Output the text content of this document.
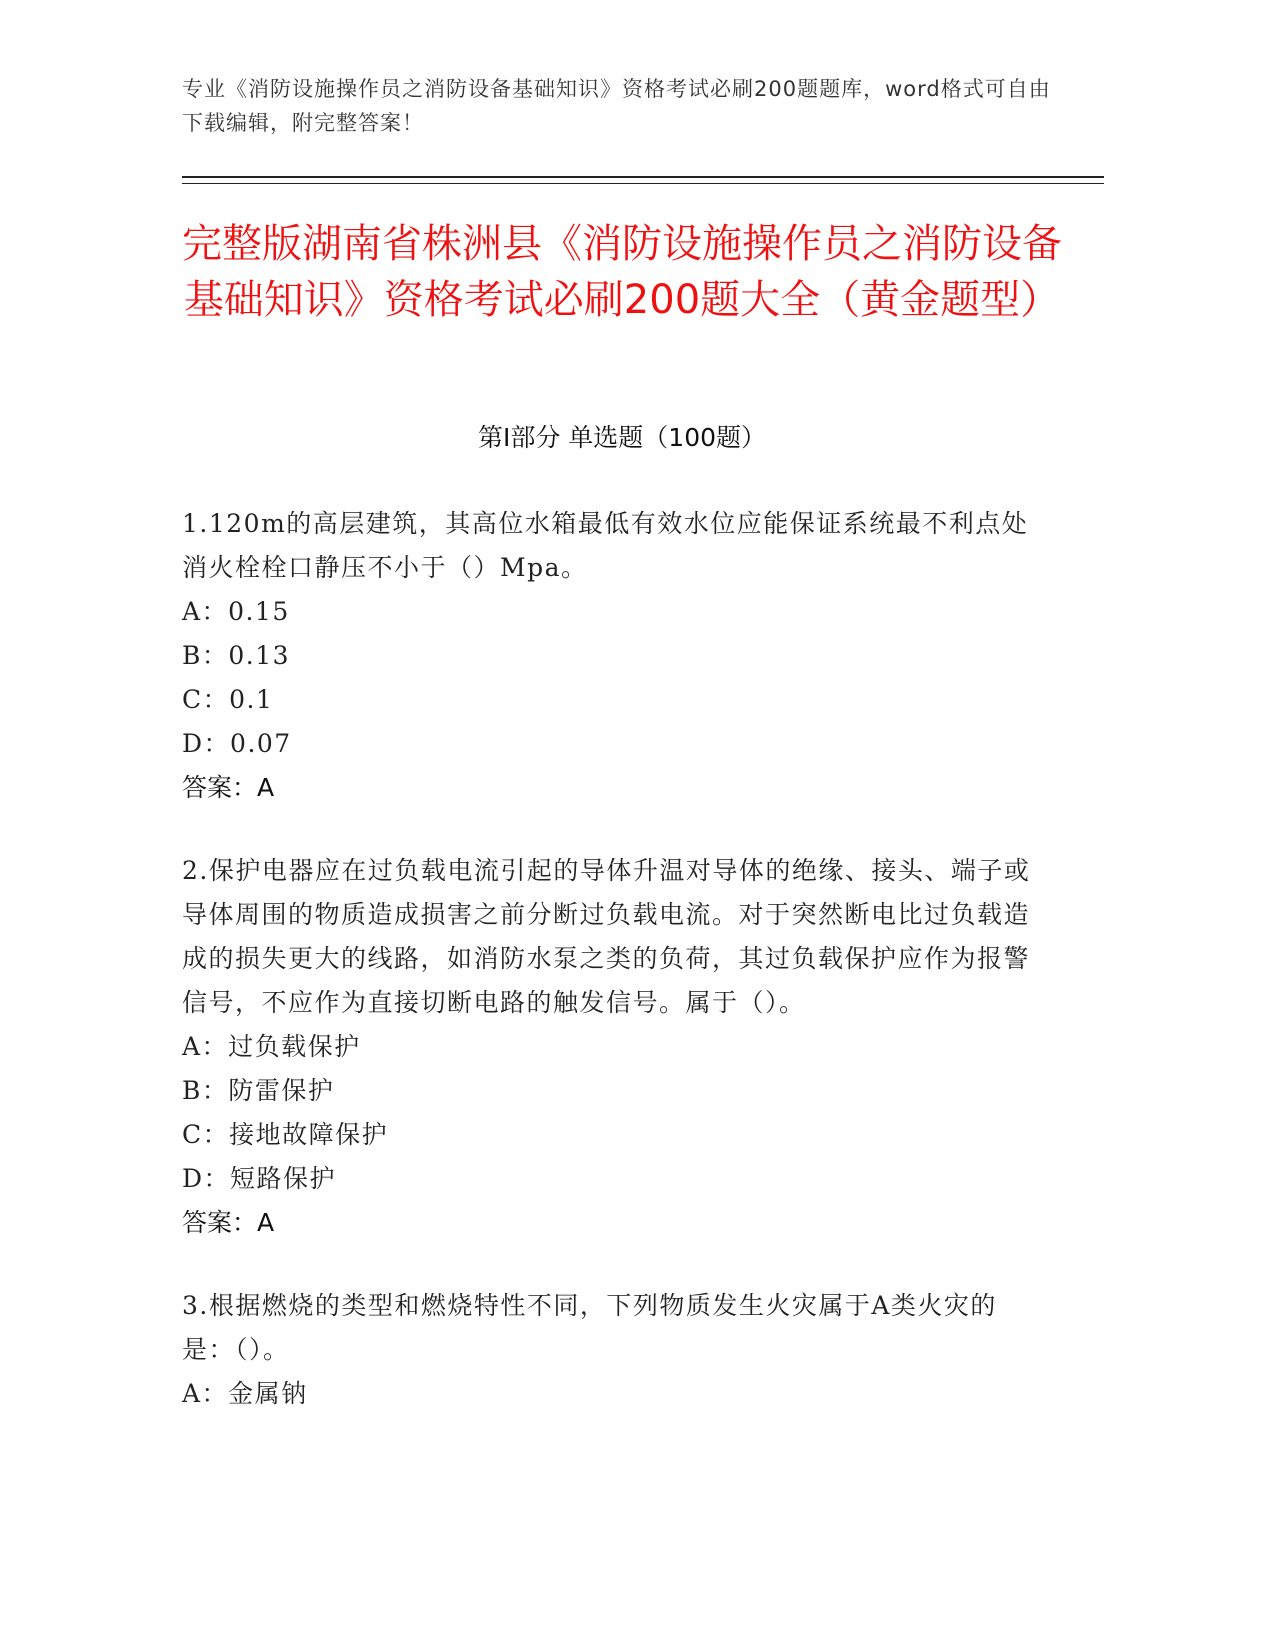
专业《消防设施操作员之消防设备基础知识》资格考试必刷200题题库，word格式可自由下载编辑，附完整答案！
完整版湖南省株洲县《消防设施操作员之消防设备基础知识》资格考试必刷200题大全（黄金题型）
第I部分 单选题（100题）
1.120m的高层建筑，其高位水箱最低有效水位应能保证系统最不利点处消火栓栓口静压不小于（）Mpa。
A：0.15
B：0.13
C：0.1
D：0.07
答案：A
2.保护电器应在过负载电流引起的导体升温对导体的绝缘、接头、端子或导体周围的物质造成损害之前分断过负载电流。对于突然断电比过负载造成的损失更大的线路，如消防水泵之类的负荷，其过负载保护应作为报警信号，不应作为直接切断电路的触发信号。属于（）。
A：过负载保护
B：防雷保护
C：接地故障保护
D：短路保护
答案：A
3.根据燃烧的类型和燃烧特性不同，下列物质发生火灾属于A类火灾的是：（）。
A：金属钠
